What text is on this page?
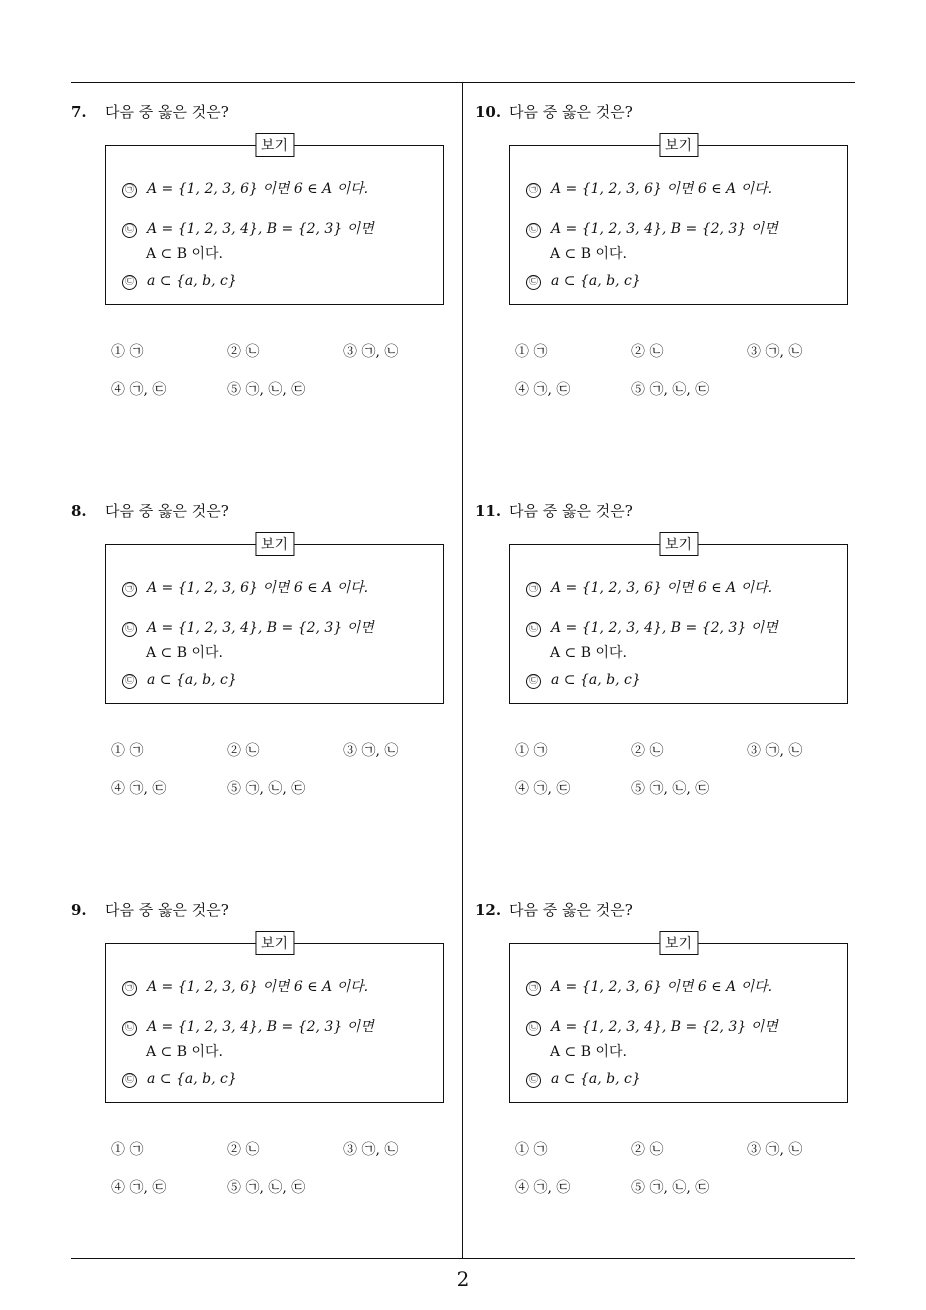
7. 다음 중 옳은 것은?
보기
㉠ A = {1, 2, 3, 6} 이면 6 ∈ A 이다.
㉡ A = {1, 2, 3, 4}, B = {2, 3} 이면
A ⊂ B 이다.
㉢ a ⊂ {a, b, c}
① ㉠	② ㉡	③ ㉠, ㉡
④ ㉠, ㉢	⑤ ㉠, ㉡, ㉢
8. 다음 중 옳은 것은?
보기
㉠ A = {1, 2, 3, 6} 이면 6 ∈ A 이다.
㉡ A = {1, 2, 3, 4}, B = {2, 3} 이면
A ⊂ B 이다.
㉢ a ⊂ {a, b, c}
① ㉠	② ㉡	③ ㉠, ㉡
④ ㉠, ㉢	⑤ ㉠, ㉡, ㉢
9. 다음 중 옳은 것은?
보기
㉠ A = {1, 2, 3, 6} 이면 6 ∈ A 이다.
㉡ A = {1, 2, 3, 4}, B = {2, 3} 이면
A ⊂ B 이다.
㉢ a ⊂ {a, b, c}
① ㉠	② ㉡	③ ㉠, ㉡
④ ㉠, ㉢	⑤ ㉠, ㉡, ㉢
10. 다음 중 옳은 것은?
보기
㉠ A = {1, 2, 3, 6} 이면 6 ∈ A 이다.
㉡ A = {1, 2, 3, 4}, B = {2, 3} 이면
A ⊂ B 이다.
㉢ a ⊂ {a, b, c}
① ㉠	② ㉡	③ ㉠, ㉡
④ ㉠, ㉢	⑤ ㉠, ㉡, ㉢
11. 다음 중 옳은 것은?
보기
㉠ A = {1, 2, 3, 6} 이면 6 ∈ A 이다.
㉡ A = {1, 2, 3, 4}, B = {2, 3} 이면
A ⊂ B 이다.
㉢ a ⊂ {a, b, c}
① ㉠	② ㉡	③ ㉠, ㉡
④ ㉠, ㉢	⑤ ㉠, ㉡, ㉢
12. 다음 중 옳은 것은?
보기
㉠ A = {1, 2, 3, 6} 이면 6 ∈ A 이다.
㉡ A = {1, 2, 3, 4}, B = {2, 3} 이면
A ⊂ B 이다.
㉢ a ⊂ {a, b, c}
① ㉠	② ㉡	③ ㉠, ㉡
④ ㉠, ㉢	⑤ ㉠, ㉡, ㉢
2
